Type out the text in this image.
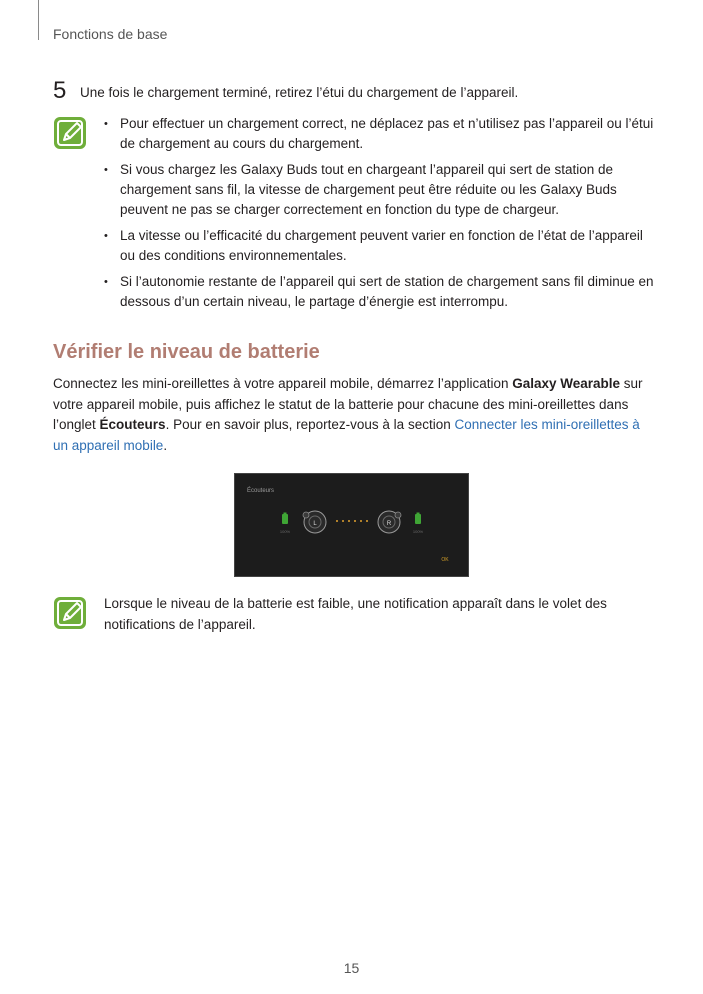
Fonctions de base
5 Une fois le chargement terminé, retirez l’étui du chargement de l’appareil.
• Pour effectuer un chargement correct, ne déplacez pas et n’utilisez pas l’appareil ou l’étui de chargement au cours du chargement.
• Si vous chargez les Galaxy Buds tout en chargeant l’appareil qui sert de station de chargement sans fil, la vitesse de chargement peut être réduite ou les Galaxy Buds peuvent ne pas se charger correctement en fonction du type de chargeur.
• La vitesse ou l’efficacité du chargement peuvent varier en fonction de l’état de l’appareil ou des conditions environnementales.
• Si l’autonomie restante de l’appareil qui sert de station de chargement sans fil diminue en dessous d’un certain niveau, le partage d’énergie est interrompu.
Vérifier le niveau de batterie
Connectez les mini-oreillettes à votre appareil mobile, démarrez l’application Galaxy Wearable sur votre appareil mobile, puis affichez le statut de la batterie pour chacune des mini-oreillettes dans l’onglet Écouteurs. Pour en savoir plus, reportez-vous à la section Connecter les mini-oreillettes à un appareil mobile.
Écouteurs
100%
L	R
100%
OK
Lorsque le niveau de la batterie est faible, une notification apparaît dans le volet des notifications de l’appareil.
15
